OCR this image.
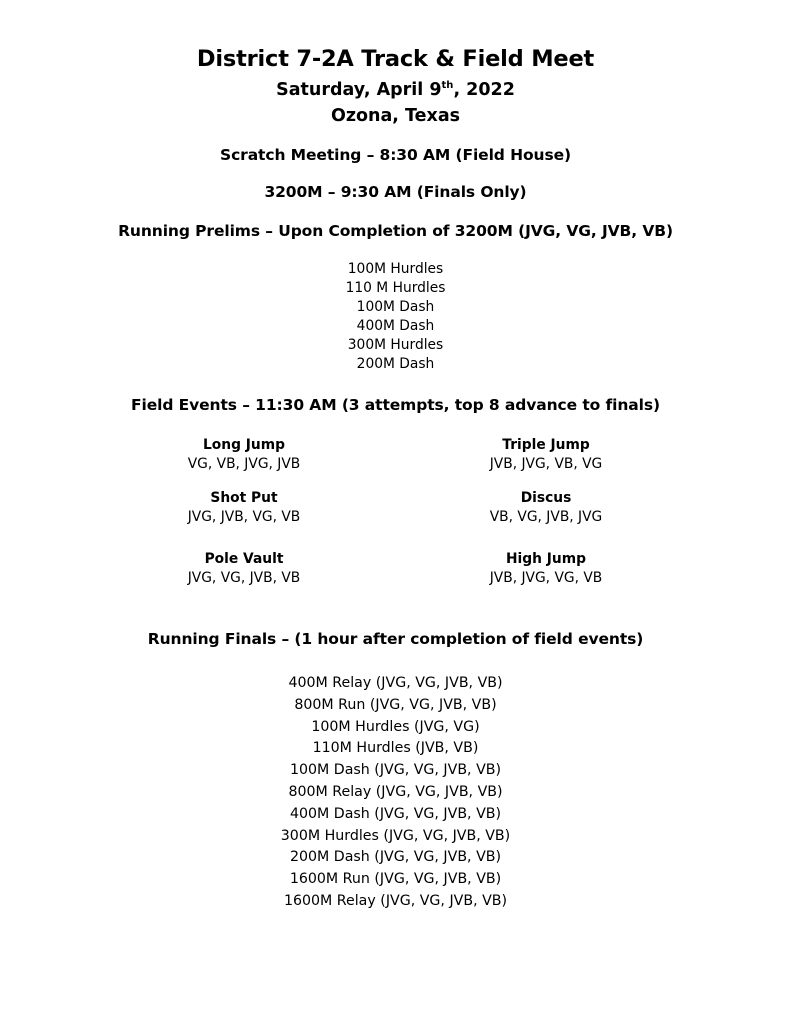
District 7-2A Track & Field Meet
Saturday, April 9th, 2022
Ozona, Texas
Scratch Meeting – 8:30 AM (Field House)
3200M – 9:30 AM (Finals Only)
Running Prelims – Upon Completion of 3200M (JVG, VG, JVB, VB)
100M Hurdles
110 M Hurdles
100M Dash
400M Dash
300M Hurdles
200M Dash
Field Events – 11:30 AM (3 attempts, top 8 advance to finals)
Long Jump
VG, VB, JVG, JVB
Triple Jump
JVB, JVG, VB, VG
Shot Put
JVG, JVB, VG, VB
Discus
VB, VG, JVB, JVG
Pole Vault
JVG, VG, JVB, VB
High Jump
JVB, JVG, VG, VB
Running Finals – (1 hour after completion of field events)
400M Relay (JVG, VG, JVB, VB)
800M Run (JVG, VG, JVB, VB)
100M Hurdles (JVG, VG)
110M Hurdles (JVB, VB)
100M Dash (JVG, VG, JVB, VB)
800M Relay (JVG, VG, JVB, VB)
400M Dash (JVG, VG, JVB, VB)
300M Hurdles (JVG, VG, JVB, VB)
200M Dash (JVG, VG, JVB, VB)
1600M Run (JVG, VG, JVB, VB)
1600M Relay (JVG, VG, JVB, VB)
